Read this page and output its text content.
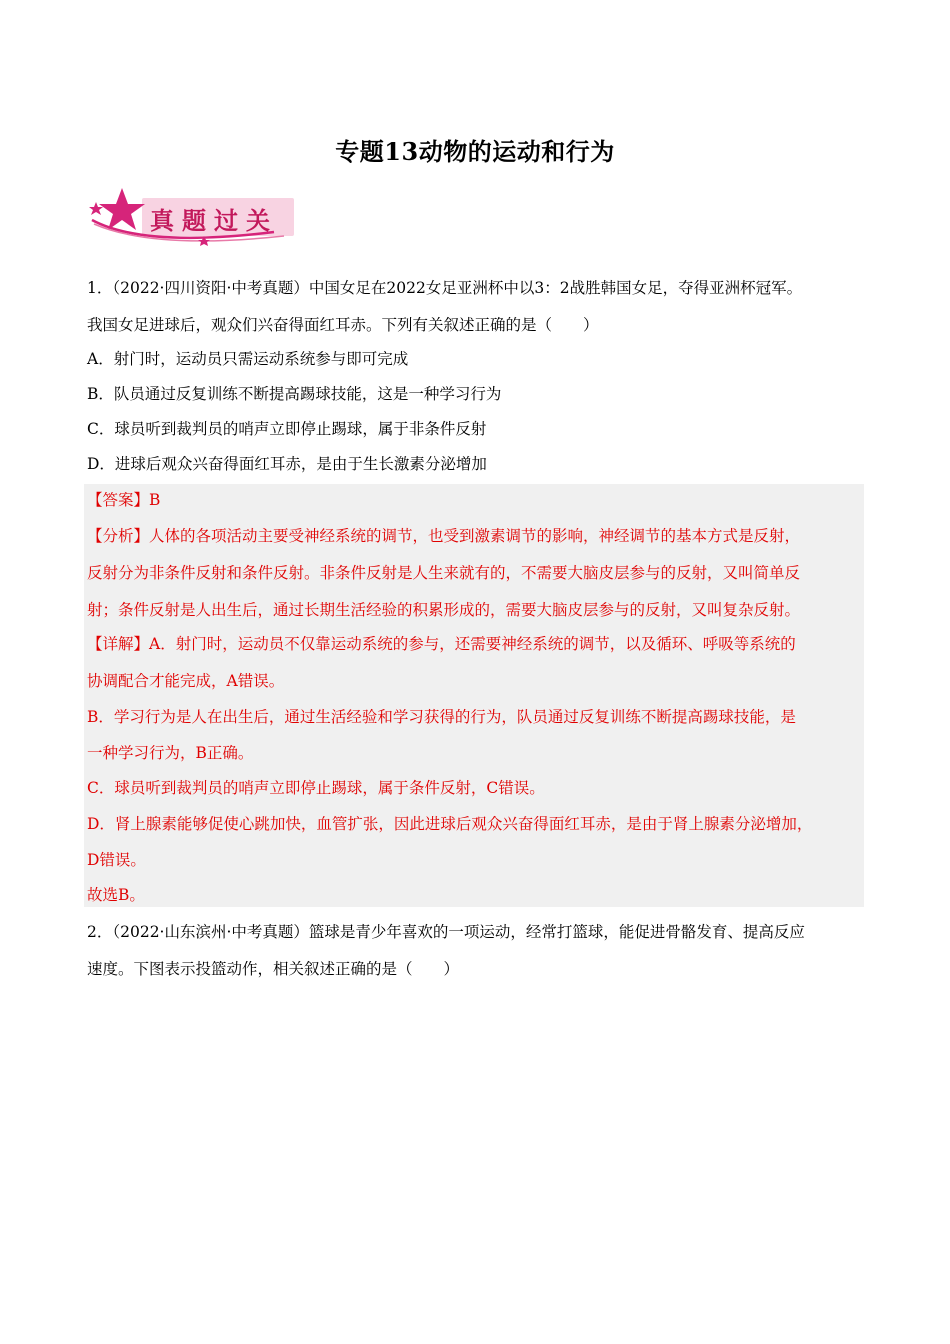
专题13动物的运动和行为
真题过关
1．（2022·四川资阳·中考真题）中国女足在2022女足亚洲杯中以3：2战胜韩国女足，夺得亚洲杯冠军。
我国女足进球后，观众们兴奋得面红耳赤。下列有关叙述正确的是（　　）
A．射门时，运动员只需运动系统参与即可完成
B．队员通过反复训练不断提高踢球技能，这是一种学习行为
C．球员听到裁判员的哨声立即停止踢球，属于非条件反射
D．进球后观众兴奋得面红耳赤，是由于生长激素分泌增加
【答案】B
【分析】人体的各项活动主要受神经系统的调节，也受到激素调节的影响，神经调节的基本方式是反射，
反射分为非条件反射和条件反射。非条件反射是人生来就有的，不需要大脑皮层参与的反射，又叫简单反
射；条件反射是人出生后，通过长期生活经验的积累形成的，需要大脑皮层参与的反射，又叫复杂反射。
【详解】A．射门时，运动员不仅靠运动系统的参与，还需要神经系统的调节，以及循环、呼吸等系统的
协调配合才能完成，A错误。
B．学习行为是人在出生后，通过生活经验和学习获得的行为，队员通过反复训练不断提高踢球技能，是
一种学习行为，B正确。
C．球员听到裁判员的哨声立即停止踢球，属于条件反射，C错误。
D．肾上腺素能够促使心跳加快，血管扩张，因此进球后观众兴奋得面红耳赤，是由于肾上腺素分泌增加，
D错误。
故选B。
2．（2022·山东滨州·中考真题）篮球是青少年喜欢的一项运动，经常打篮球，能促进骨骼发育、提高反应
速度。下图表示投篮动作，相关叙述正确的是（　　）
